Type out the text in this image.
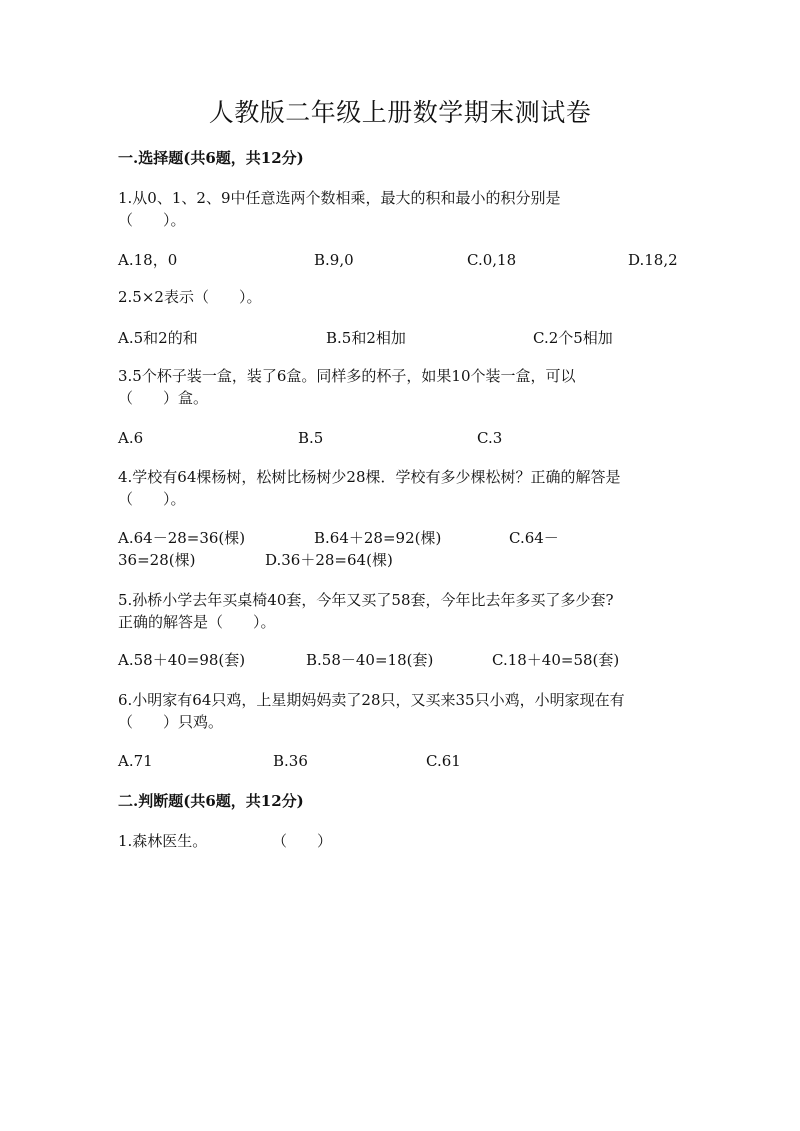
人教版二年级上册数学期末测试卷
一.选择题(共6题，共12分)
1.从0、1、2、9中任意选两个数相乘，最大的积和最小的积分别是
（　　）。
A.18，0	B.9,0	C.0,18	D.18,2
2.5×2表示（　　）。
A.5和2的和	B.5和2相加	C.2个5相加
3.5个杯子装一盒，装了6盒。同样多的杯子，如果10个装一盒，可以
（　　）盒。
A.6	B.5	C.3
4.学校有64棵杨树，松树比杨树少28棵．学校有多少棵松树？正确的解答是
（　　）。
A.64－28=36(棵)	B.64＋28=92(棵)	C.64－
36=28(棵)	D.36＋28=64(棵)
5.孙桥小学去年买桌椅40套，今年又买了58套，今年比去年多买了多少套?
正确的解答是（　　）。
A.58＋40=98(套)	B.58－40=18(套)	C.18＋40=58(套)
6.小明家有64只鸡，上星期妈妈卖了28只，又买来35只小鸡，小明家现在有
（　　）只鸡。
A.71	B.36	C.61
二.判断题(共6题，共12分)
1.森林医生。	（　　）
